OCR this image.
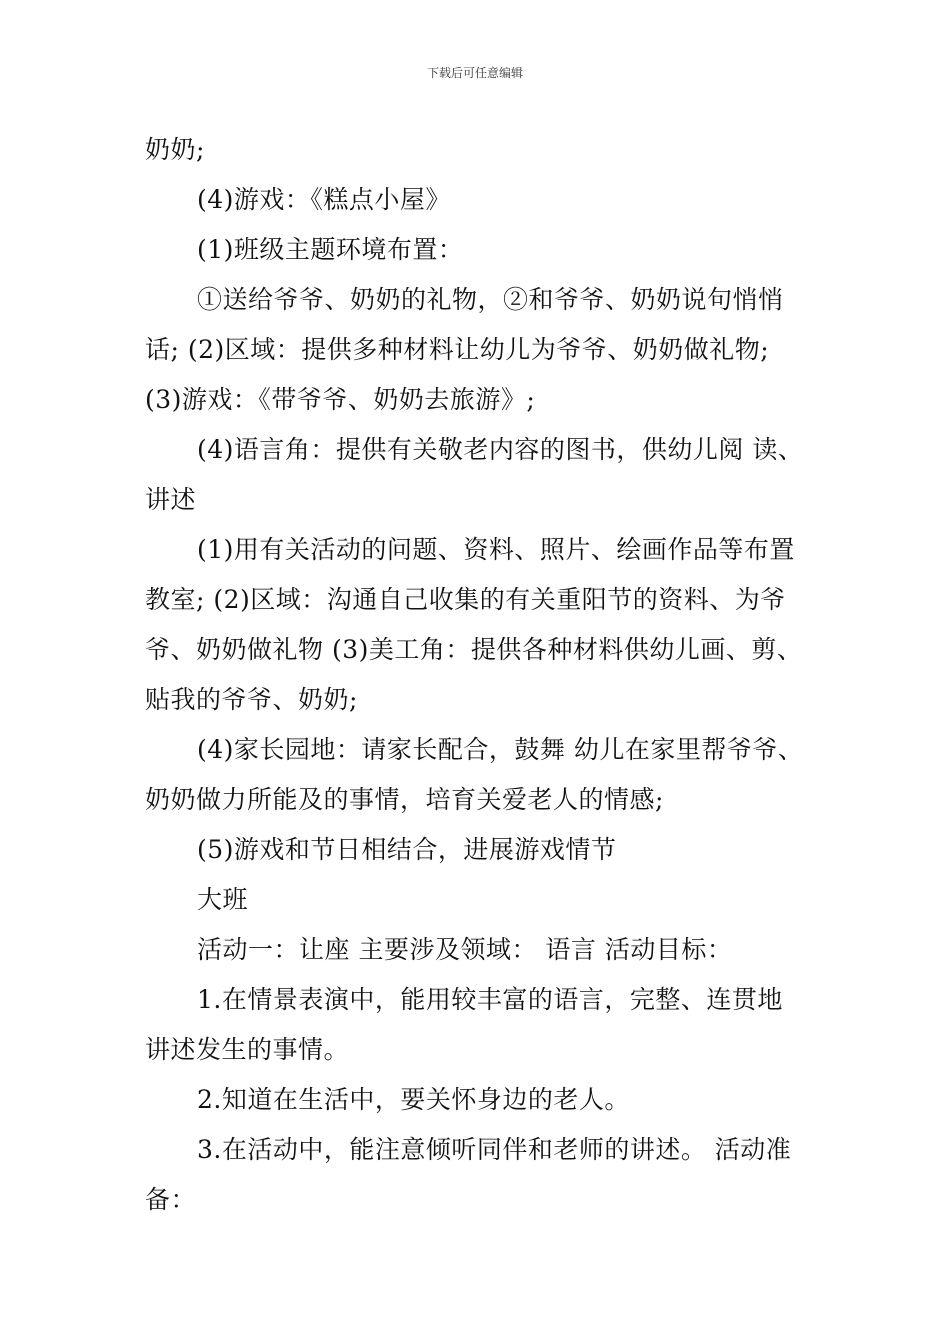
下载后可任意编辑
奶奶;
(4)游戏：《糕点小屋》
(1)班级主题环境布置：
①送给爷爷、奶奶的礼物，②和爷爷、奶奶说句悄悄
话; (2)区域：提供多种材料让幼儿为爷爷、奶奶做礼物;
(3)游戏：《带爷爷、奶奶去旅游》;
(4)语言角：提供有关敬老内容的图书，供幼儿阅 读、
讲述
(1)用有关活动的问题、资料、照片、绘画作品等布置
教室; (2)区域：沟通自己收集的有关重阳节的资料、为爷
爷、奶奶做礼物 (3)美工角：提供各种材料供幼儿画、剪、
贴我的爷爷、奶奶;
(4)家长园地：请家长配合，鼓舞 幼儿在家里帮爷爷、
奶奶做力所能及的事情，培育关爱老人的情感;
(5)游戏和节日相结合，进展游戏情节
大班
活动一：让座 主要涉及领域： 语言 活动目标：
1.在情景表演中，能用较丰富的语言，完整、连贯地
讲述发生的事情。
2.知道在生活中，要关怀身边的老人。
3.在活动中，能注意倾听同伴和老师的讲述。 活动准
备：
